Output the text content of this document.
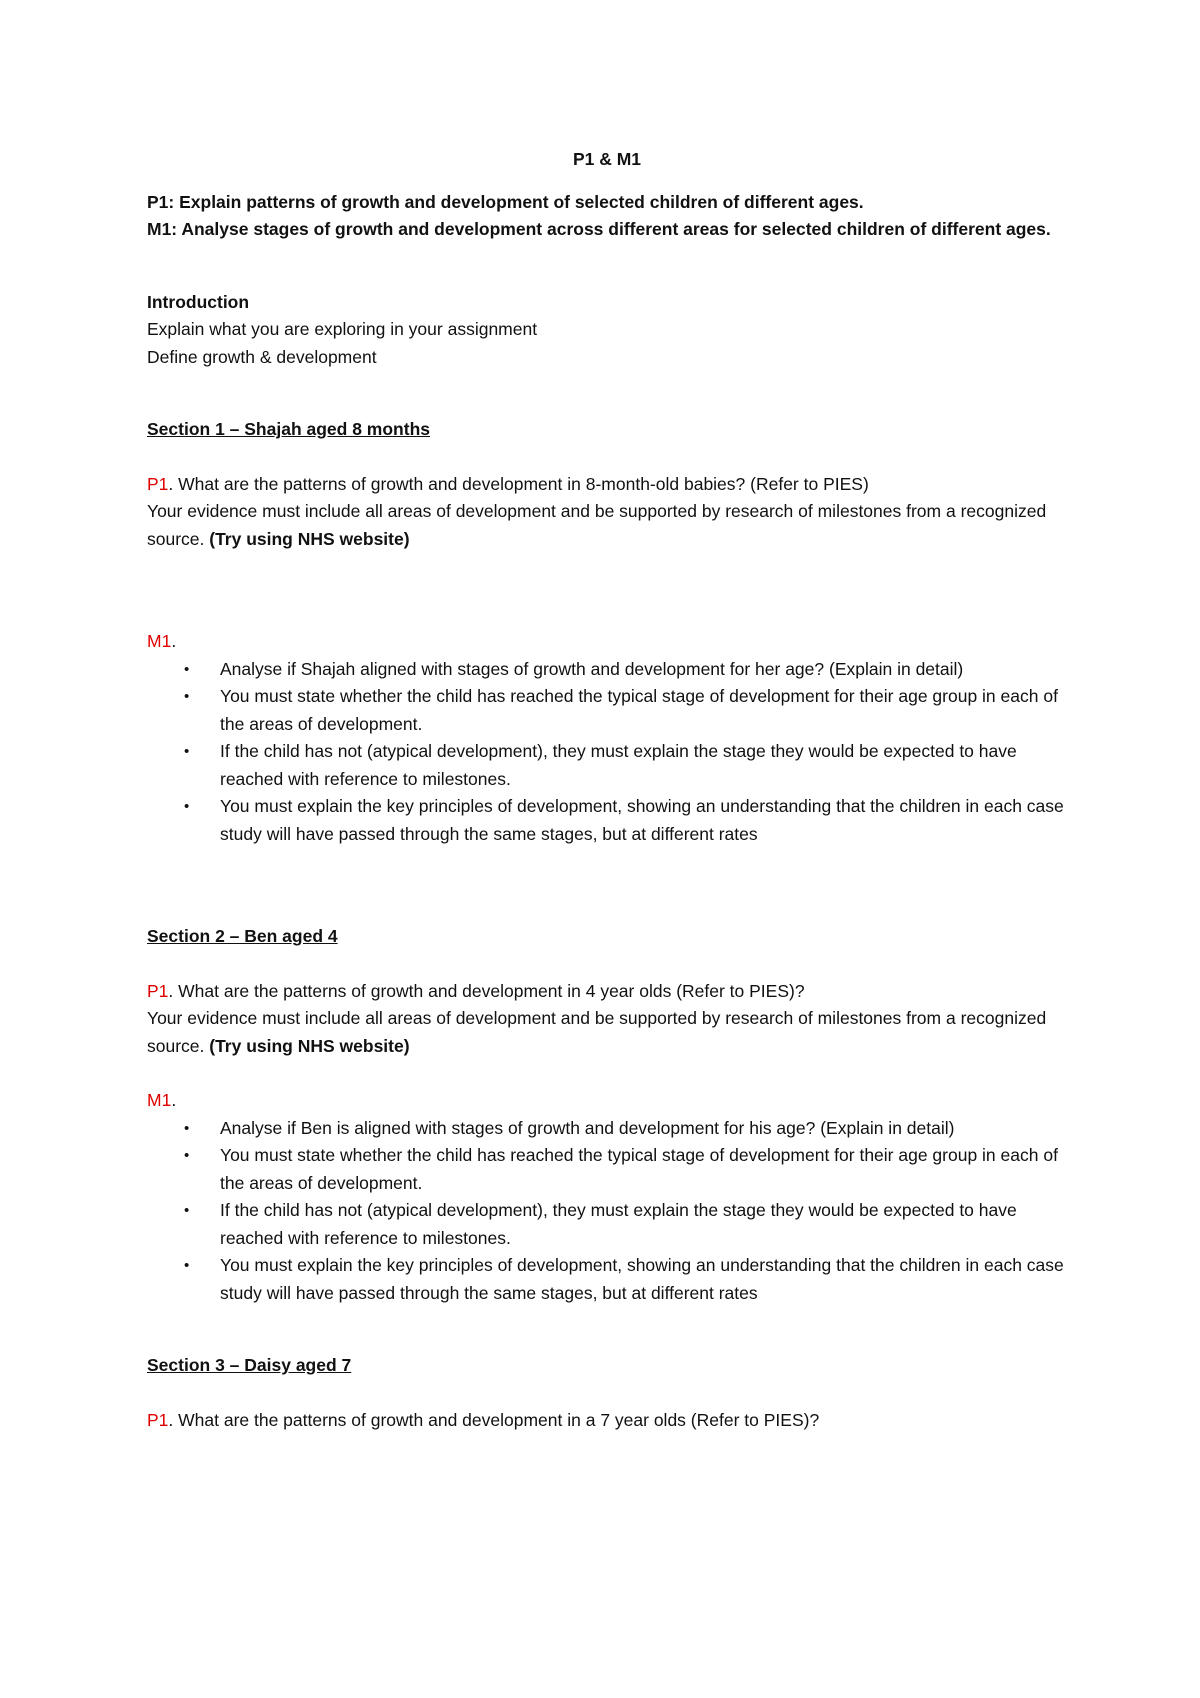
P1 & M1

P1: Explain patterns of growth and development of selected children of different ages.

M1: Analyse stages of growth and development across different areas for selected children of different ages.

Introduction

Explain what you are exploring in your assignment

Define growth & development

Section 1 – Shajah aged 8 months

P1. What are the patterns of growth and development in 8-month-old babies? (Refer to PIES)

Your evidence must include all areas of development and be supported by research of milestones from a recognized source. (Try using NHS website)

M1.

• Analyse if Shajah aligned with stages of growth and development for her age? (Explain in detail)
• You must state whether the child has reached the typical stage of development for their age group in each of the areas of development.
• If the child has not (atypical development), they must explain the stage they would be expected to have reached with reference to milestones.
• You must explain the key principles of development, showing an understanding that the children in each case study will have passed through the same stages, but at different rates

Section 2 – Ben aged 4

P1. What are the patterns of growth and development in 4 year olds (Refer to PIES)?

Your evidence must include all areas of development and be supported by research of milestones from a recognized source. (Try using NHS website)

M1.

• Analyse if Ben is aligned with stages of growth and development for his age? (Explain in detail)
• You must state whether the child has reached the typical stage of development for their age group in each of the areas of development.
• If the child has not (atypical development), they must explain the stage they would be expected to have reached with reference to milestones.
• You must explain the key principles of development, showing an understanding that the children in each case study will have passed through the same stages, but at different rates

Section 3 – Daisy aged 7

P1. What are the patterns of growth and development in a 7 year olds (Refer to PIES)?
